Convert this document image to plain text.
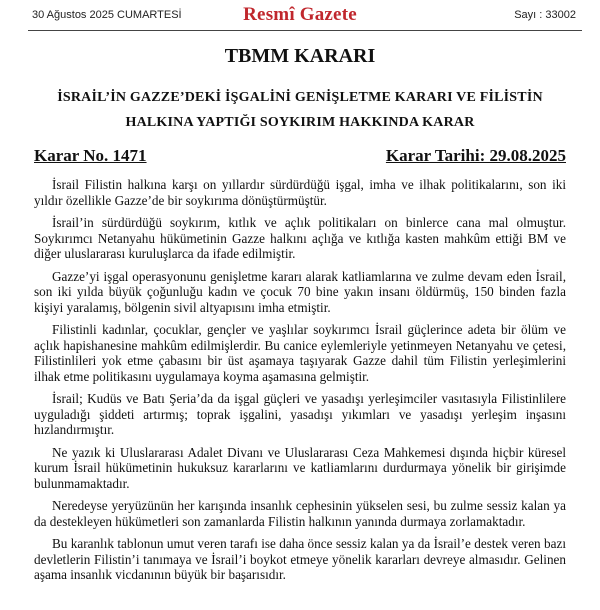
30 Ağustos 2025 CUMARTESİ	Resmî Gazete	Sayı : 33002
TBMM KARARI
İSRAİL’İN GAZZE’DEKİ İŞGALİNİ GENİŞLETME KARARI VE FİLİSTİN
HALKINA YAPTIĞI SOYKIRIM HAKKINDA KARAR
Karar No. 1471	Karar Tarihi: 29.08.2025

İsrail Filistin halkına karşı on yıllardır sürdürdüğü işgal, imha ve ilhak politikalarını, son iki yıldır özellikle Gazze’de bir soykırıma dönüştürmüştür.

İsrail’in sürdürdüğü soykırım, kıtlık ve açlık politikaları on binlerce cana mal olmuştur. Soykırımcı Netanyahu hükümetinin Gazze halkını açlığa ve kıtlığa kasten mahkûm ettiği BM ve diğer uluslararası kuruluşlarca da ifade edilmiştir.

Gazze’yi işgal operasyonunu genişletme kararı alarak katliamlarına ve zulme devam eden İsrail, son iki yılda büyük çoğunluğu kadın ve çocuk 70 bine yakın insanı öldürmüş, 150 binden fazla kişiyi yaralamış, bölgenin sivil altyapısını imha etmiştir.

Filistinli kadınlar, çocuklar, gençler ve yaşlılar soykırımcı İsrail güçlerince adeta bir ölüm ve açlık hapishanesine mahkûm edilmişlerdir. Bu canice eylemleriyle yetinmeyen Netanyahu ve çetesi, Filistinlileri yok etme çabasını bir üst aşamaya taşıyarak Gazze dahil tüm Filistin yerleşimlerini ilhak etme politikasını uygulamaya koyma aşamasına gelmiştir.

İsrail; Kudüs ve Batı Şeria’da da işgal güçleri ve yasadışı yerleşimciler vasıtasıyla Filistinlilere uyguladığı şiddeti artırmış; toprak işgalini, yasadışı yıkımları ve yasadışı yerleşim inşasını hızlandırmıştır.

Ne yazık ki Uluslararası Adalet Divanı ve Uluslararası Ceza Mahkemesi dışında hiçbir küresel kurum İsrail hükümetinin hukuksuz kararlarını ve katliamlarını durdurmaya yönelik bir girişimde bulunmamaktadır.

Neredeyse yeryüzünün her karışında insanlık cephesinin yükselen sesi, bu zulme sessiz kalan ya da destekleyen hükümetleri son zamanlarda Filistin halkının yanında durmaya zorlamaktadır.

Bu karanlık tablonun umut veren tarafı ise daha önce sessiz kalan ya da İsrail’e destek veren bazı devletlerin Filistin’i tanımaya ve İsrail’i boykot etmeye yönelik kararları devreye almasıdır. Gelinen aşama insanlık vicdanının büyük bir başarısıdır.
